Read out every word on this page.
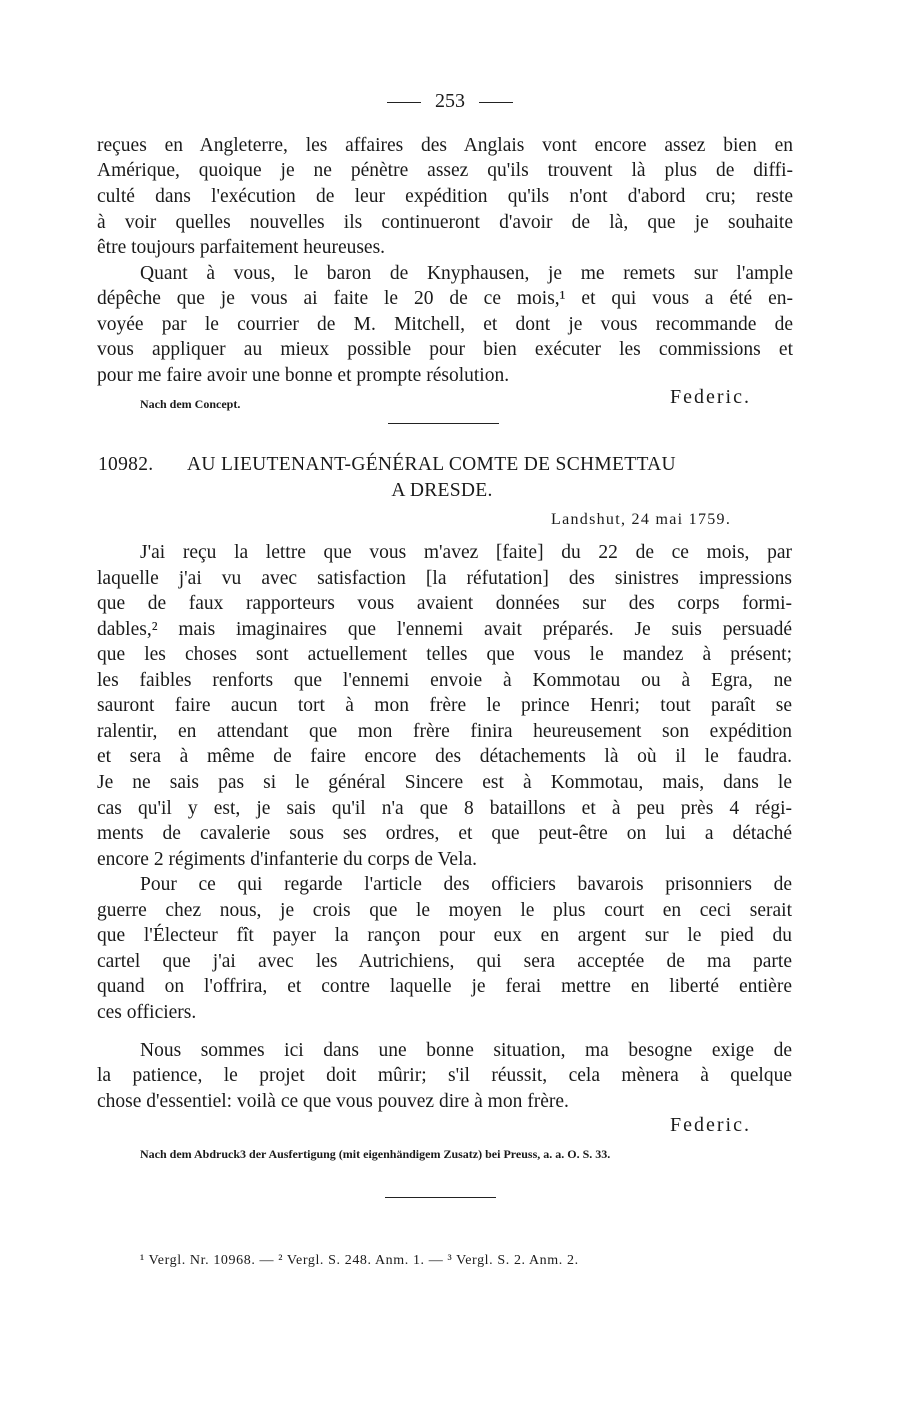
253
reçues en Angleterre, les affaires des Anglais vont encore assez bien en
Amérique, quoique je ne pénètre assez qu'ils trouvent là plus de diffi-
culté dans l'exécution de leur expédition qu'ils n'ont d'abord cru; reste
à voir quelles nouvelles ils continueront d'avoir de là, que je souhaite
être toujours parfaitement heureuses.
Quant à vous, le baron de Knyphausen, je me remets sur l'ample
dépêche que je vous ai faite le 20 de ce mois,¹ et qui vous a été en-
voyée par le courrier de M. Mitchell, et dont je vous recommande de
vous appliquer au mieux possible pour bien exécuter les commissions et
pour me faire avoir une bonne et prompte résolution.
Nach dem Concept.	Federic.
10982. AU LIEUTENANT-GÉNÉRAL COMTE DE SCHMETTAU
A DRESDE.
Landshut, 24 mai 1759.
J'ai reçu la lettre que vous m'avez [faite] du 22 de ce mois, par
laquelle j'ai vu avec satisfaction [la réfutation] des sinistres impressions
que de faux rapporteurs vous avaient données sur des corps formi-
dables,² mais imaginaires que l'ennemi avait préparés. Je suis persuadé
que les choses sont actuellement telles que vous le mandez à présent;
les faibles renforts que l'ennemi envoie à Kommotau ou à Egra, ne
sauront faire aucun tort à mon frère le prince Henri; tout paraît se
ralentir, en attendant que mon frère finira heureusement son expédition
et sera à même de faire encore des détachements là où il le faudra.
Je ne sais pas si le général Sincere est à Kommotau, mais, dans le
cas qu'il y est, je sais qu'il n'a que 8 bataillons et à peu près 4 régi-
ments de cavalerie sous ses ordres, et que peut-être on lui a détaché
encore 2 régiments d'infanterie du corps de Vela.
Pour ce qui regarde l'article des officiers bavarois prisonniers de
guerre chez nous, je crois que le moyen le plus court en ceci serait
que l'Électeur fît payer la rançon pour eux en argent sur le pied du
cartel que j'ai avec les Autrichiens, qui sera acceptée de ma parte
quand on l'offrira, et contre laquelle je ferai mettre en liberté entière
ces officiers.
Nous sommes ici dans une bonne situation, ma besogne exige de
la patience, le projet doit mûrir; s'il réussit, cela mènera à quelque
chose d'essentiel: voilà ce que vous pouvez dire à mon frère.
Federic.
Nach dem Abdruck3 der Ausfertigung (mit eigenhändigem Zusatz) bei Preuss, a. a. O. S. 33.
¹ Vergl. Nr. 10968. — ² Vergl. S. 248. Anm. 1. — ³ Vergl. S. 2. Anm. 2.
